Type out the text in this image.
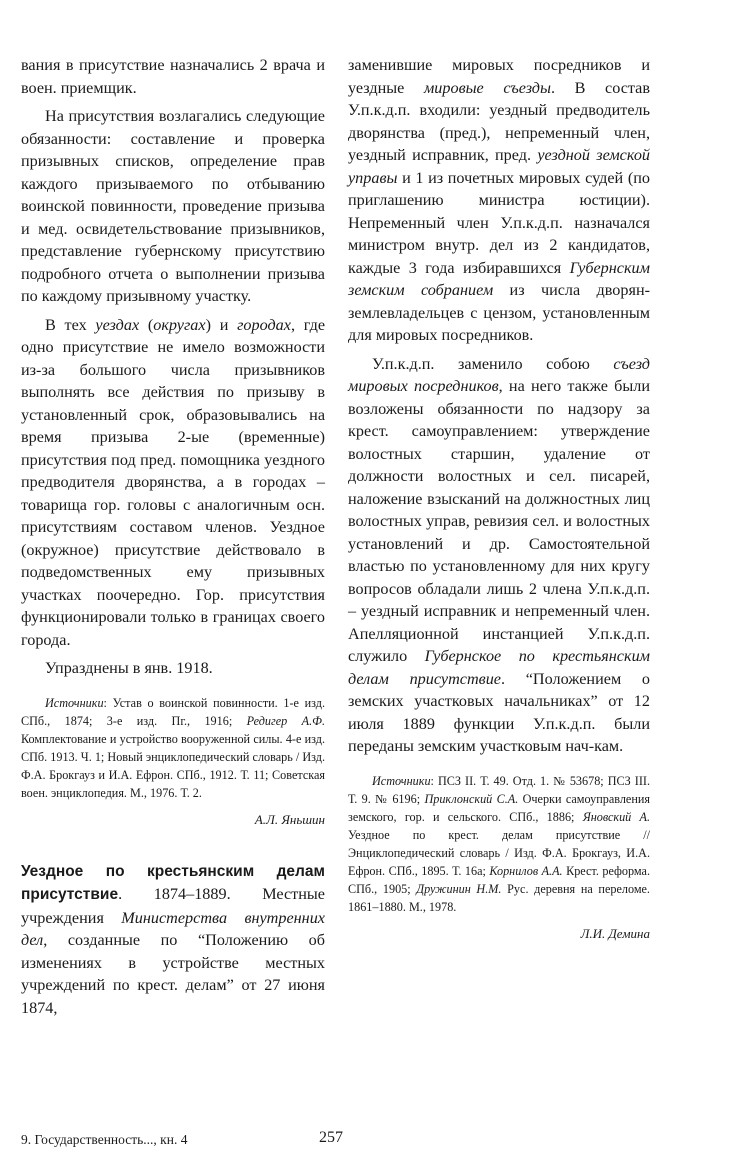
вания в присутствие назначались 2 врача и воен. приемщик.

На присутствия возлагались следующие обязанности: составление и проверка призывных списков, определение прав каждого призываемого по отбыванию воинской повинности, проведение призыва и мед. освидетельствование призывников, представление губернскому присутствию подробного отчета о выполнении призыва по каждому призывному участку.

В тех уездах (округах) и городах, где одно присутствие не имело возможности из-за большого числа призывников выполнять все действия по призыву в установленный срок, образовывались на время призыва 2-ые (временные) присутствия под пред. помощника уездного предводителя дворянства, а в городах – товарища гор. головы с аналогичным осн. присутствиям составом членов. Уездное (окружное) присутствие действовало в подведомственных ему призывных участках поочередно. Гор. присутствия функционировали только в границах своего города.

Упразднены в янв. 1918.

Источники: Устав о воинской повинности. 1-е изд. СПб., 1874; 3-е изд. Пг., 1916; Редигер А.Ф. Комплектование и устройство вооруженной силы. 4-е изд. СПб. 1913. Ч. 1; Новый энциклопедический словарь / Изд. Ф.А. Брокгауз и И.А. Ефрон. СПб., 1912. Т. 11; Советская воен. энциклопедия. М., 1976. Т. 2.

А.Л. Яньшин

Уездное по крестьянским делам присутствие. 1874–1889. Местные учреждения Министерства внутренних дел, созданные по “Положению об изменениях в устройстве местных учреждений по крест. делам” от 27 июня 1874,

заменившие мировых посредников и уездные мировые съезды. В состав У.п.к.д.п. входили: уездный предводитель дворянства (пред.), непременный член, уездный исправник, пред. уездной земской управы и 1 из почетных мировых судей (по приглашению министра юстиции). Непременный член У.п.к.д.п. назначался министром внутр. дел из 2 кандидатов, каждые 3 года избиравшихся Губернским земским собранием из числа дворян-землевладельцев с цензом, установленным для мировых посредников.

У.п.к.д.п. заменило собою съезд мировых посредников, на него также были возложены обязанности по надзору за крест. самоуправлением: утверждение волостных старшин, удаление от должности волостных и сел. писарей, наложение взысканий на должностных лиц волостных управ, ревизия сел. и волостных установлений и др. Самостоятельной властью по установленному для них кругу вопросов обладали лишь 2 члена У.п.к.д.п. – уездный исправник и непременный член. Апелляционной инстанцией У.п.к.д.п. служило Губернское по крестьянским делам присутствие. “Положением о земских участковых начальниках” от 12 июля 1889 функции У.п.к.д.п. были переданы земским участковым нач-кам.

Источники: ПСЗ II. Т. 49. Отд. 1. № 53678; ПСЗ III. Т. 9. № 6196; Приклонский С.А. Очерки самоуправления земского, гор. и сельского. СПб., 1886; Яновский А. Уездное по крест. делам присутствие // Энциклопедический словарь / Изд. Ф.А. Брокгауз, И.А. Ефрон. СПб., 1895. Т. 16а; Корнилов А.А. Крест. реформа. СПб., 1905; Дружинин Н.М. Рус. деревня на переломе. 1861–1880. М., 1978.

Л.И. Демина

9. Государственность..., кн. 4	257
